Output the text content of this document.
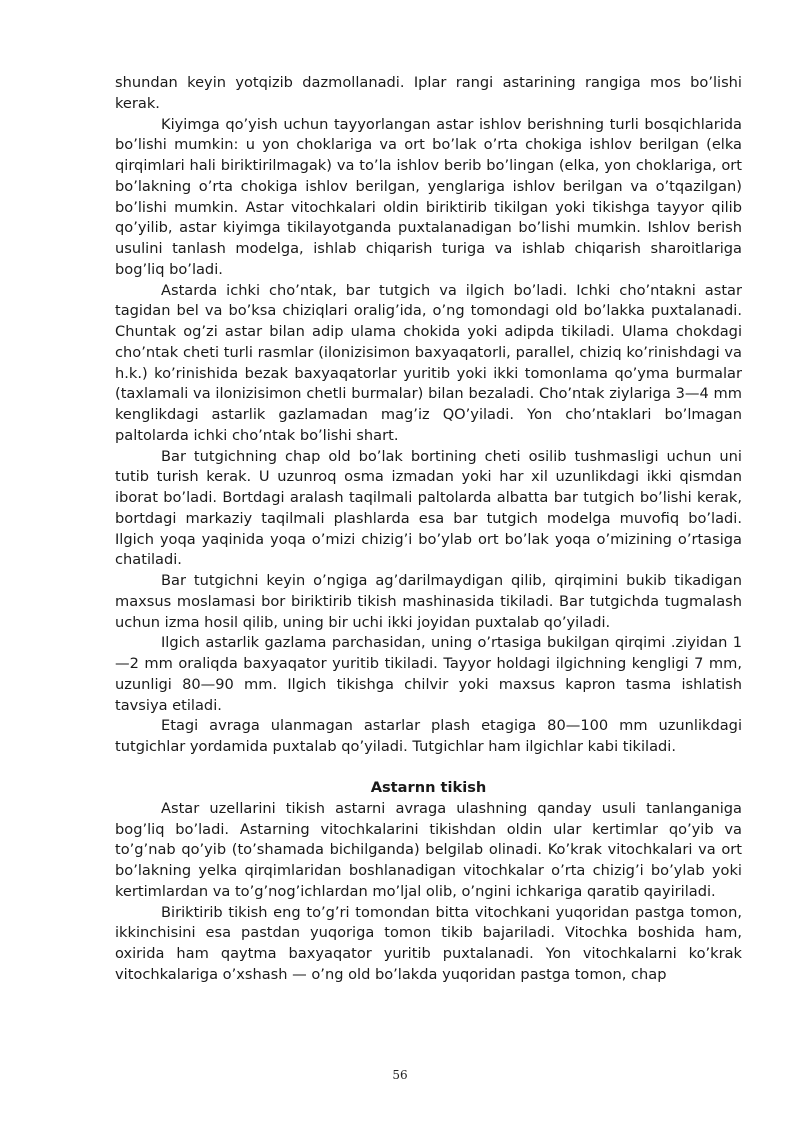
shundan keyin yotqizib dazmollanadi. Iplar rangi astarining rangiga mos bo’lishi kerak.

Kiyimga qo’yish uchun tayyorlangan astar ishlov berishning turli bosqichlarida bo’lishi mumkin: u yon choklariga va ort bo’lak o’rta chokiga ishlov berilgan (elka qirqimlari hali biriktirilmagak) va to’la ishlov berib bo’lingan (elka, yon choklariga, ort bo’lakning o’rta chokiga ishlov berilgan, yenglariga ishlov berilgan va o’tqazilgan) bo’lishi mumkin. Astar vitochkalari oldin biriktirib tikilgan yoki tikishga tayyor qilib qo’yilib, astar kiyimga tikilayotganda puxtalanadigan bo’lishi mumkin. Ishlov berish usulini tanlash modelga, ishlab chiqarish turiga va ishlab chiqarish sharoitlariga bog’liq bo’ladi.

Astarda ichki cho’ntak, bar tutgich va ilgich bo’ladi. Ichki cho’ntakni astar tagidan bel va bo’ksa chiziqlari oralig’ida, o’ng tomondagi old bo’lakka puxtalanadi. Chuntak og’zi astar bilan adip ulama chokida yoki adipda tikiladi. Ulama chokdagi cho’ntak cheti turli rasmlar (ilonizisimon baxyaqatorli, parallel, chiziq ko’rinishdagi va h.k.) ko’rinishida bezak baxyaqatorlar yuritib yoki ikki tomonlama qo’yma burmalar (taxlamali va ilonizisimon chetli burmalar) bilan bezaladi. Cho’ntak ziylariga 3—4 mm kenglikdagi astarlik gazlamadan mag’iz QO’yiladi. Yon cho’ntaklari bo’lmagan paltolarda ichki cho’ntak bo’lishi shart.

Bar tutgichning chap old bo’lak bortining cheti osilib tushmasligi uchun uni tutib turish kerak. U uzunroq osma izmadan yoki har xil uzunlikdagi ikki qismdan iborat bo’ladi. Bortdagi aralash taqilmali paltolarda albatta bar tutgich bo’lishi kerak, bortdagi markaziy taqilmali plashlarda esa bar tutgich modelga muvofiq bo’ladi. Ilgich yoqa yaqinida yoqa o’mizi chizig’i bo’ylab ort bo’lak yoqa o’mizining o’rtasiga chatiladi.

Bar tutgichni keyin o’ngiga ag’darilmaydigan qilib, qirqimini bukib tikadigan maxsus moslamasi bor biriktirib tikish mashinasida tikiladi. Bar tutgichda tugmalash uchun izma hosil qilib, uning bir uchi ikki joyidan puxtalab qo’yiladi.

Ilgich astarlik gazlama parchasidan, uning o’rtasiga bukilgan qirqimi .ziyidan 1—2 mm oraliqda baxyaqator yuritib tikiladi. Tayyor holdagi ilgichning kengligi 7 mm, uzunligi 80—90 mm. Ilgich tikishga chilvir yoki maxsus kapron tasma ishlatish tavsiya etiladi.

Etagi avraga ulanmagan astarlar plash etagiga 80—100 mm uzunlikdagi tutgichlar yordamida puxtalab qo’yiladi. Tutgichlar ham ilgichlar kabi tikiladi.

Astarnn tikish

Astar uzellarini tikish astarni avraga ulashning qanday usuli tanlanganiga bog’liq bo’ladi. Astarning vitochkalarini tikishdan oldin ular kertimlar qo’yib va to’g’nab qo’yib (to’shamada bichilganda) belgilab olinadi. Ko’krak vitochkalari va ort bo’lakning yelka qirqimlaridan boshlanadigan vitochkalar o’rta chizig’i bo’ylab yoki kertimlardan va to’g’nog’ichlardan mo’ljal olib, o’ngini ichkariga qaratib qayiriladi.

Biriktirib tikish eng to’g’ri tomondan bitta vitochkani yuqoridan pastga tomon, ikkinchisini esa pastdan yuqoriga tomon tikib bajariladi. Vitochka boshida ham, oxirida ham qaytma baxyaqator yuritib puxtalanadi. Yon vitochkalarni ko’krak vitochkalariga o’xshash — o’ng old bo’lakda yuqoridan pastga tomon, chap

56
